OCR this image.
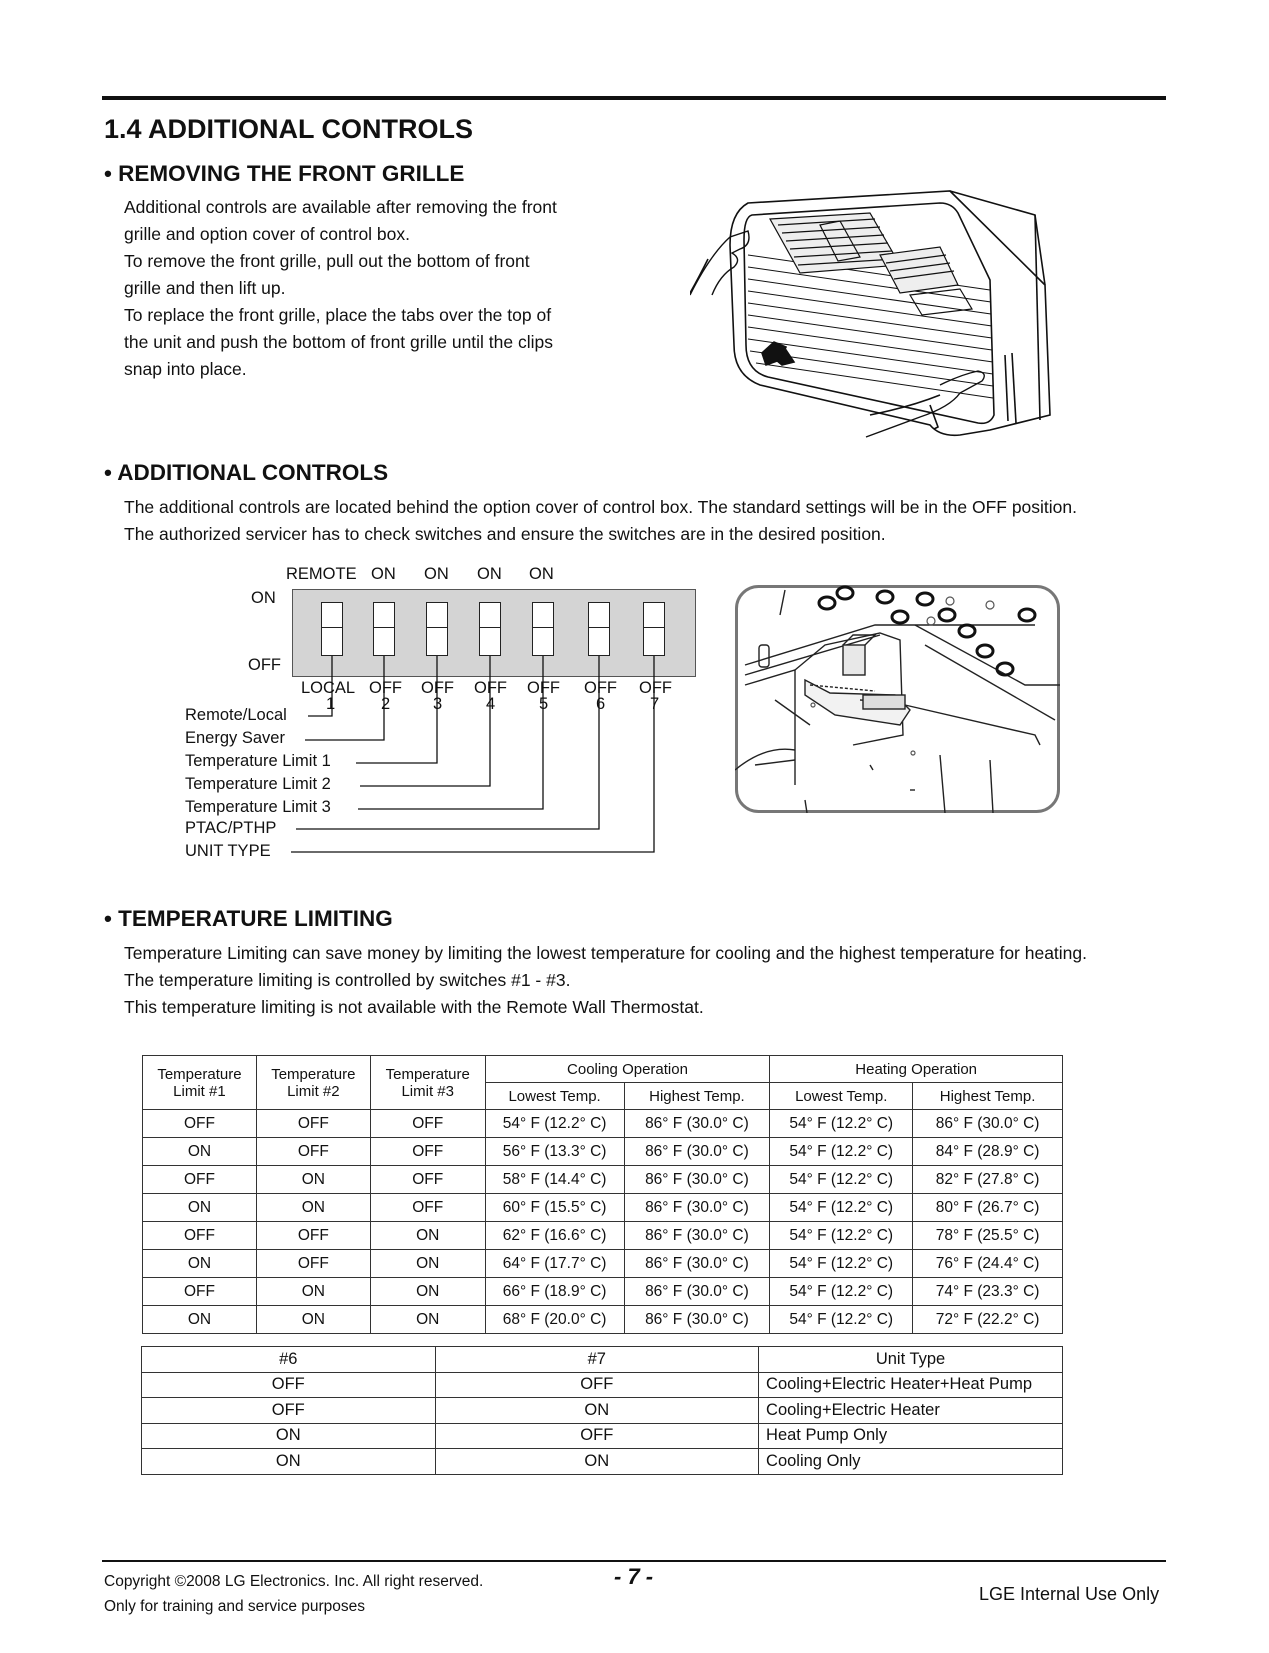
1.4 ADDITIONAL CONTROLS
• REMOVING THE FRONT GRILLE
Additional controls are available after removing the front
grille and option cover of control box.
To remove the front grille, pull out the bottom of front
grille and then lift up.
To replace the front grille, place the tabs over the top of
the unit and push the bottom of front grille until the clips
snap into place.
• ADDITIONAL CONTROLS
The additional controls are located behind the option cover of control box. The standard settings will be in the OFF position.
The authorized servicer has to check switches and ensure the switches are in the desired position.
REMOTE ON ON ON ON
ON
OFF
LOCAL OFF OFF OFF OFF OFF OFF
1	2	3	4	5	6	7
Remote/Local
Energy Saver
Temperature Limit 1
Temperature Limit 2
Temperature Limit 3
PTAC/PTHP
UNIT TYPE
• TEMPERATURE LIMITING
Temperature Limiting can save money by limiting the lowest temperature for cooling and the highest temperature for heating.
The temperature limiting is controlled by switches #1 - #3.
This temperature limiting is not available with the Remote Wall Thermostat.
Temperature
Limit #1	Temperature
Limit #2	Temperature
Limit #3	Cooling Operation		Heating Operation	
			Lowest Temp.	Highest Temp.	Lowest Temp.	Highest Temp.
OFF	OFF	OFF	54° F (12.2° C)	86° F (30.0° C)	54° F (12.2° C)	86° F (30.0° C)
ON	OFF	OFF	56° F (13.3° C)	86° F (30.0° C)	54° F (12.2° C)	84° F (28.9° C)
OFF	ON	OFF	58° F (14.4° C)	86° F (30.0° C)	54° F (12.2° C)	82° F (27.8° C)
ON	ON	OFF	60° F (15.5° C)	86° F (30.0° C)	54° F (12.2° C)	80° F (26.7° C)
OFF	OFF	ON	62° F (16.6° C)	86° F (30.0° C)	54° F (12.2° C)	78° F (25.5° C)
ON	OFF	ON	64° F (17.7° C)	86° F (30.0° C)	54° F (12.2° C)	76° F (24.4° C)
OFF	ON	ON	66° F (18.9° C)	86° F (30.0° C)	54° F (12.2° C)	74° F (23.3° C)
ON	ON	ON	68° F (20.0° C)	86° F (30.0° C)	54° F (12.2° C)	72° F (22.2° C)
#6	#7	Unit Type
OFF	OFF	Cooling+Electric Heater+Heat Pump
OFF	ON	Cooling+Electric Heater
ON	OFF	Heat Pump Only
ON	ON	Cooling Only
Copyright ©2008 LG Electronics. Inc. All right reserved.
Only for training and service purposes
- 7 -
LGE Internal Use Only
